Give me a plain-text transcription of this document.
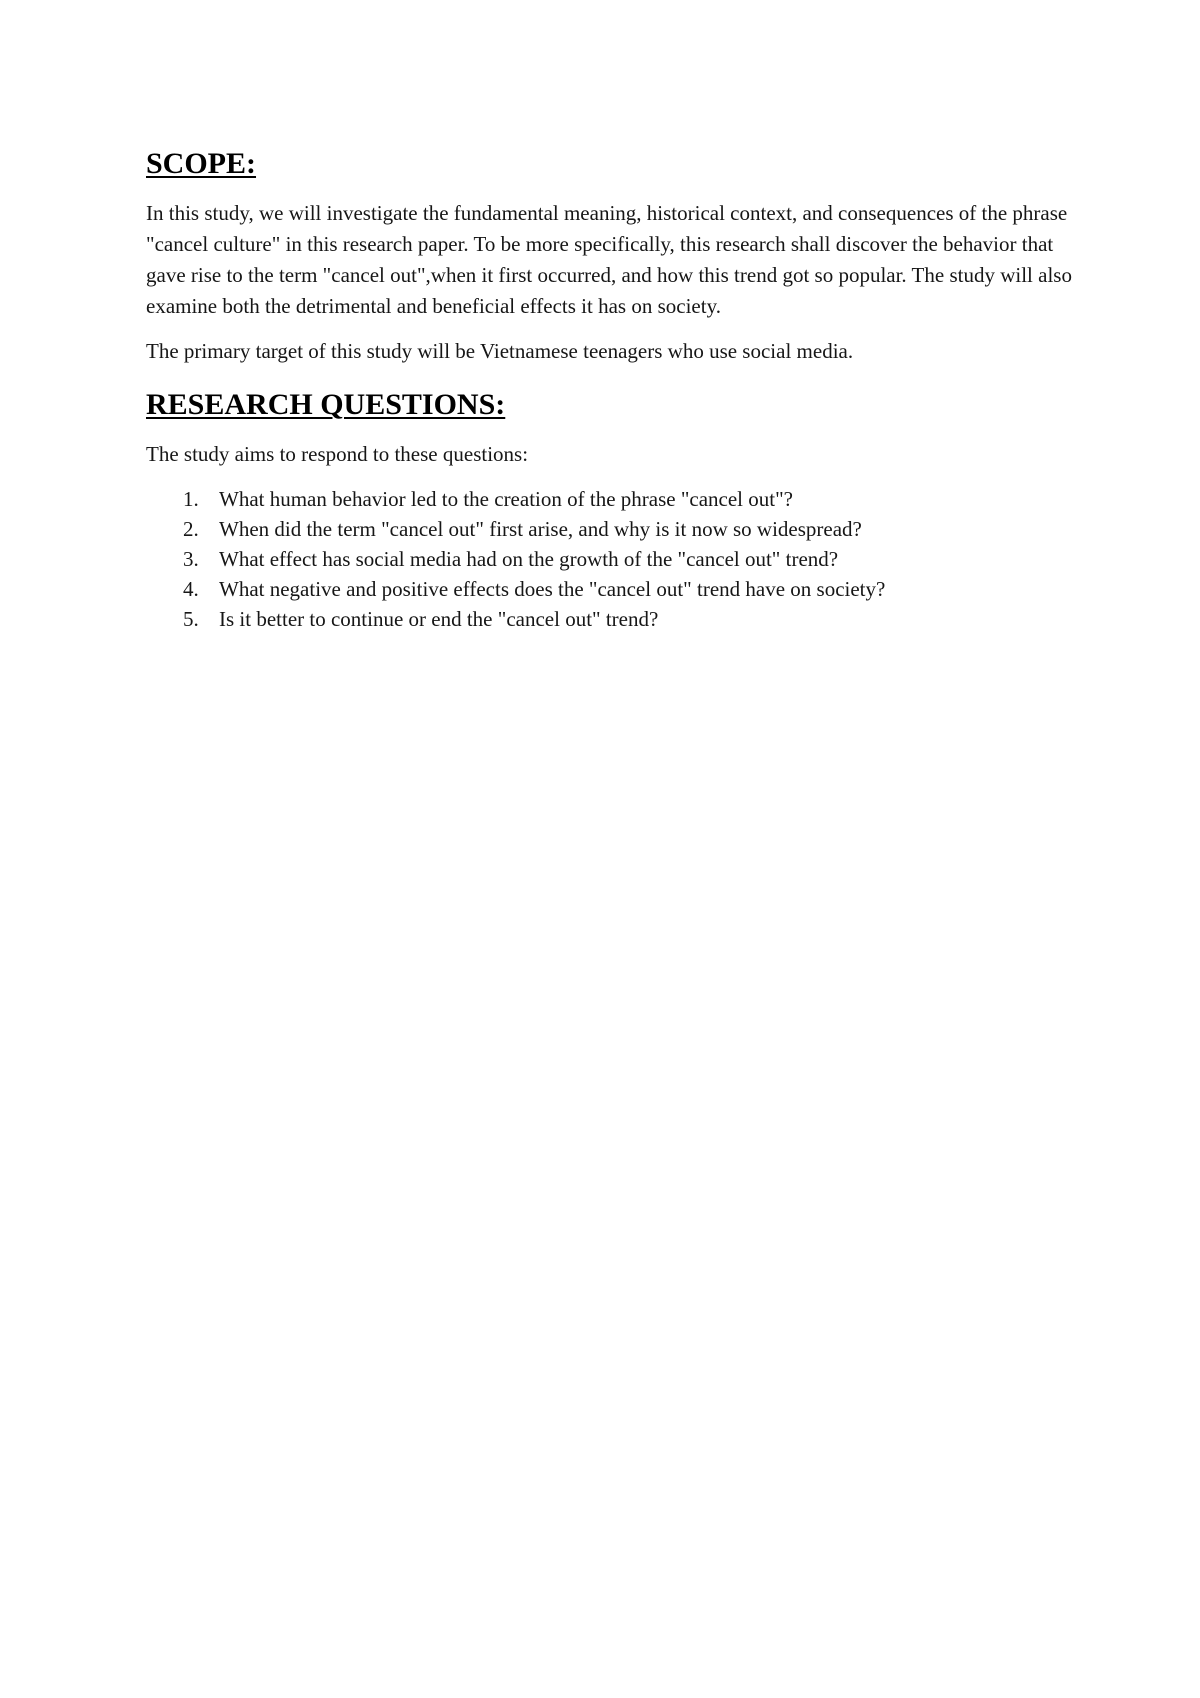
SCOPE:

In this study, we will investigate the fundamental meaning, historical context, and consequences of the phrase "cancel culture" in this research paper. To be more specifically, this research shall discover the behavior that gave rise to the term "cancel out",when it first occurred, and how this trend got so popular. The study will also examine both the detrimental and beneficial effects it has on society.

The primary target of this study will be Vietnamese teenagers who use social media.

RESEARCH QUESTIONS:

The study aims to respond to these questions:

1. What human behavior led to the creation of the phrase "cancel out"?
2. When did the term "cancel out" first arise, and why is it now so widespread?
3. What effect has social media had on the growth of the "cancel out" trend?
4. What negative and positive effects does the "cancel out" trend have on society?
5. Is it better to continue or end the "cancel out" trend?
